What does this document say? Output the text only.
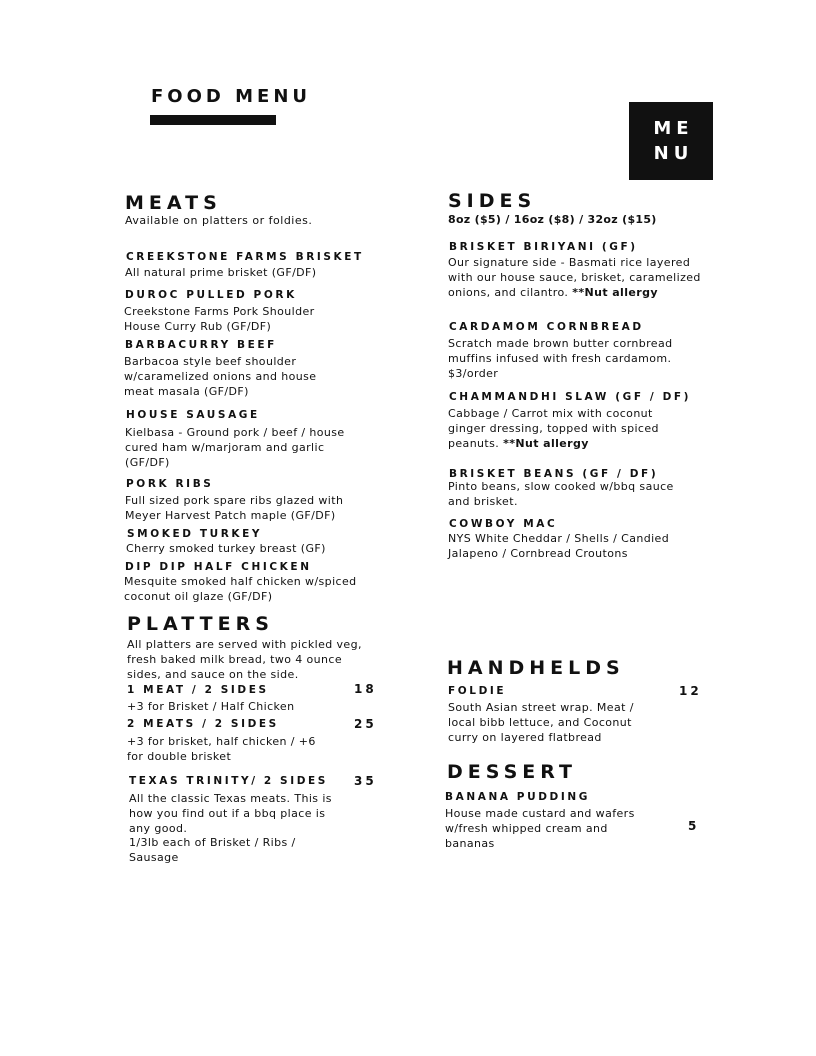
FOOD MENU
ME
NU
MEATS
Available on platters or foldies.
CREEKSTONE FARMS BRISKET
All natural prime brisket (GF/DF)
DUROC PULLED PORK
Creekstone Farms Pork Shoulder House Curry Rub (GF/DF)
BARBACURRY BEEF
Barbacoa style beef shoulder w/caramelized onions and house meat masala (GF/DF)
HOUSE SAUSAGE
Kielbasa - Ground pork / beef / house cured ham w/marjoram and garlic (GF/DF)
PORK RIBS
Full sized pork spare ribs glazed with Meyer Harvest Patch maple (GF/DF)
SMOKED TURKEY
Cherry smoked turkey breast (GF)
DIP DIP HALF CHICKEN
Mesquite smoked half chicken w/spiced coconut oil glaze (GF/DF)
SIDES
8oz ($5) / 16oz ($8) / 32oz ($15)
BRISKET BIRIYANI (GF)
Our signature side - Basmati rice layered with our house sauce, brisket, caramelized onions, and cilantro. **Nut allergy
CARDAMOM CORNBREAD
Scratch made brown butter cornbread muffins infused with fresh cardamom. $3/order
CHAMMANDHI SLAW (GF / DF)
Cabbage / Carrot mix with coconut ginger dressing, topped with spiced peanuts. **Nut allergy
BRISKET BEANS (GF / DF)
Pinto beans, slow cooked w/bbq sauce and brisket.
COWBOY MAC
NYS White Cheddar / Shells / Candied Jalapeno / Cornbread Croutons
PLATTERS
All platters are served with pickled veg, fresh baked milk bread, two 4 ounce sides, and sauce on the side.
1 MEAT / 2 SIDES	18
+3 for Brisket / Half Chicken
2 MEATS / 2 SIDES	25
+3 for brisket, half chicken / +6 for double brisket
TEXAS TRINITY/ 2 SIDES 35
All the classic Texas meats. This is how you find out if a bbq place is any good.
1/3lb each of Brisket / Ribs / Sausage
HANDHELDS
FOLDIE	12
South Asian street wrap. Meat / local bibb lettuce, and Coconut curry on layered flatbread
DESSERT
BANANA PUDDING
5
House made custard and wafers w/fresh whipped cream and bananas
